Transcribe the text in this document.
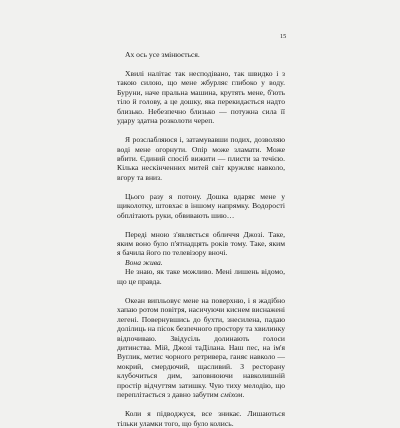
15

Ах ось усе змінюється.

Хвилі налітає так несподівано, так швидко і з такою силою, що мене жбурляє глибоко у воду. Буруни, наче пральна машина, крутять мене, б'ють тіло й голову, а це дошку, яка перекидається надто близько. Небезпечно близько — потужна сила її удару здатна розколоти череп.

Я розслабляюся і, затамувавши подих, дозволяю воді мене огорнути. Опір може зламати. Може вбити. Єдиний спосіб вижити — плисти за течією. Кілька нескінченних митей світ кружляє навколо, вгору та вниз.

Цього разу я потону. Дошка вдаряє мене у щиколотку, штовхає в іншому напрямку. Водорості обплітають руки, обвивають шию…

Переді мною з'являється обличчя Джозі. Таке, яким воно було п'ятнадцять років тому. Таке, яким я бачила його по телевізору вночі.

Вона жива.

Не знаю, як таке можливо. Мені лишень відомо, що це правда.

Океан випльовує мене на поверхню, і я жадібно хапаю ротом повітря, насичуючи киснем виснажені легені. Повернувшись до бухти, знесилена, падаю долілиць на пісок безпечного простору та хвилинку відпочиваю. Звідусіль долинають голоси дитинства. Мій, Джозі таДілана. Наш пес, на ім'я Вуґлик, метис чорного ретривера, ганяє навколо — мокрий, смердючий, щасливий. З ресторану клубочиться дим, заповнюючи навколишній простір відчуттям затишку. Чую тиху мелодію, що переплітається з давно забутим сміхом.

Коли я підводжуся, все зникає. Лишаються тільки уламки того, що було колись.
